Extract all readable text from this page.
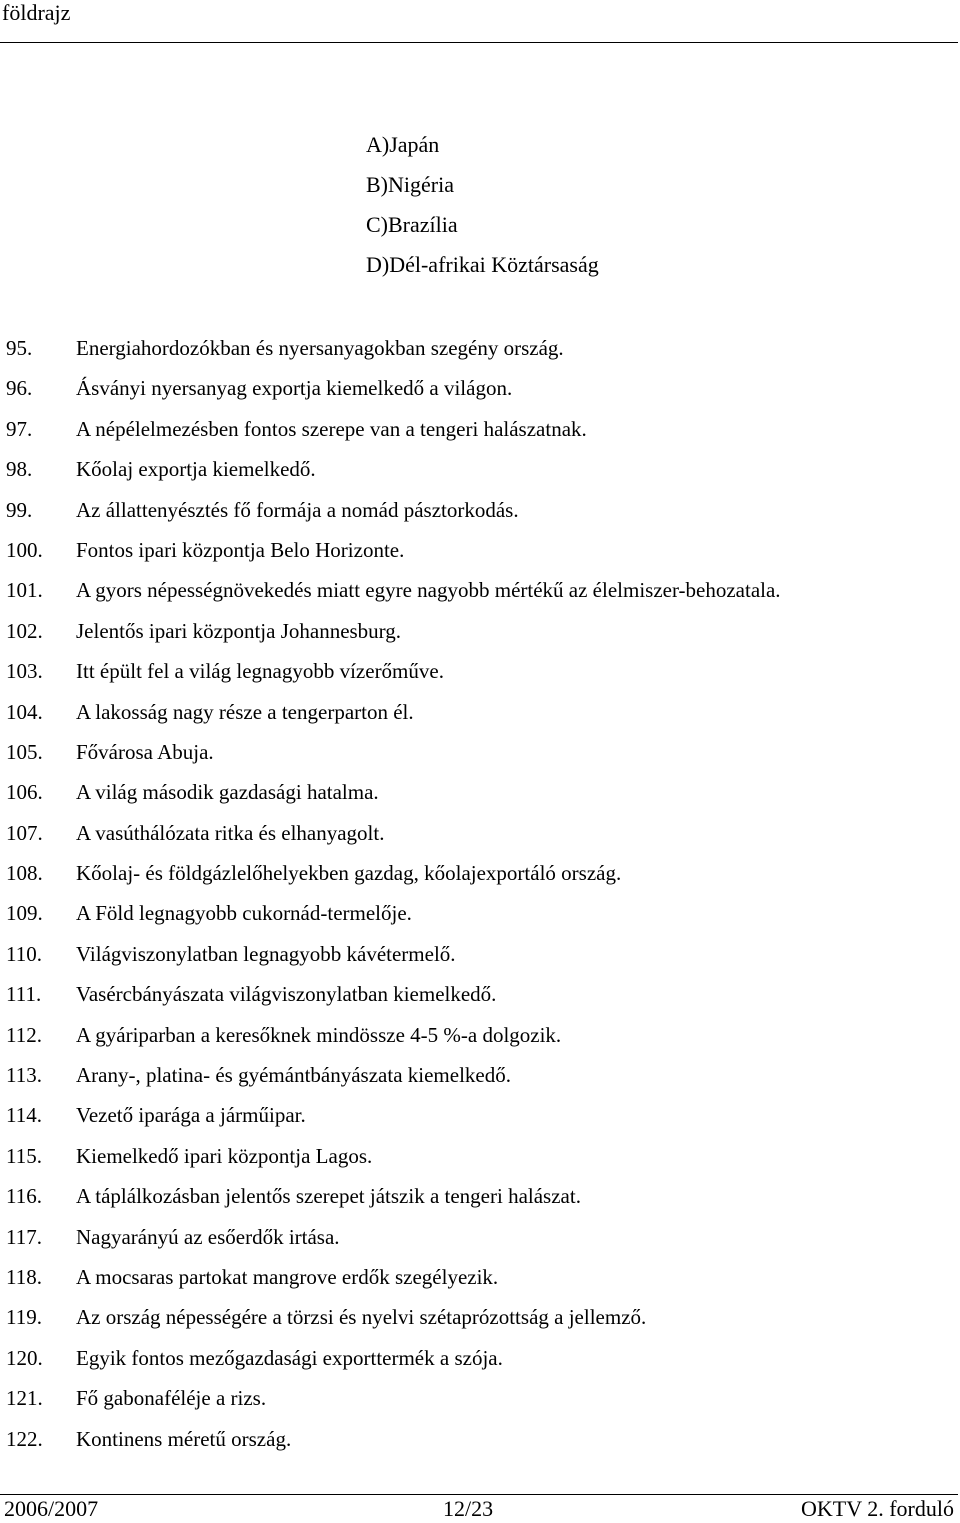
földrajz
A)Japán
B)Nigéria
C)Brazília
D)Dél-afrikai Köztársaság
95. Energiahordozókban és nyersanyagokban szegény ország.
96. Ásványi nyersanyag exportja kiemelkedő a világon.
97. A népélelmezésben fontos szerepe van a tengeri halászatnak.
98. Kőolaj exportja kiemelkedő.
99. Az állattenyésztés fő formája a nomád pásztorkodás.
100. Fontos ipari központja Belo Horizonte.
101. A gyors népességnövekedés miatt egyre nagyobb mértékű az élelmiszer-behozatala.
102. Jelentős ipari központja Johannesburg.
103. Itt épült fel a világ legnagyobb vízerőműve.
104. A lakosság nagy része a tengerparton él.
105. Fővárosa Abuja.
106. A világ második gazdasági hatalma.
107. A vasúthálózata ritka és elhanyagolt.
108. Kőolaj- és földgázlelőhelyekben gazdag, kőolajexportáló ország.
109. A Föld legnagyobb cukornád-termelője.
110. Világviszonylatban legnagyobb kávétermelő.
111. Vasércbányászata világviszonylatban kiemelkedő.
112. A gyáriparban a keresőknek mindössze 4-5 %-a dolgozik.
113. Arany-, platina- és gyémántbányászata kiemelkedő.
114. Vezető iparága a járműipar.
115. Kiemelkedő ipari központja Lagos.
116. A táplálkozásban jelentős szerepet játszik a tengeri halászat.
117. Nagyarányú az esőerdők irtása.
118. A mocsaras partokat mangrove erdők szegélyezik.
119. Az ország népességére a törzsi és nyelvi szétaprózottság a jellemző.
120. Egyik fontos mezőgazdasági exporttermék a szója.
121. Fő gabonaféléje a rizs.
122. Kontinens méretű ország.
2006/2007	12/23	OKTV 2. forduló
